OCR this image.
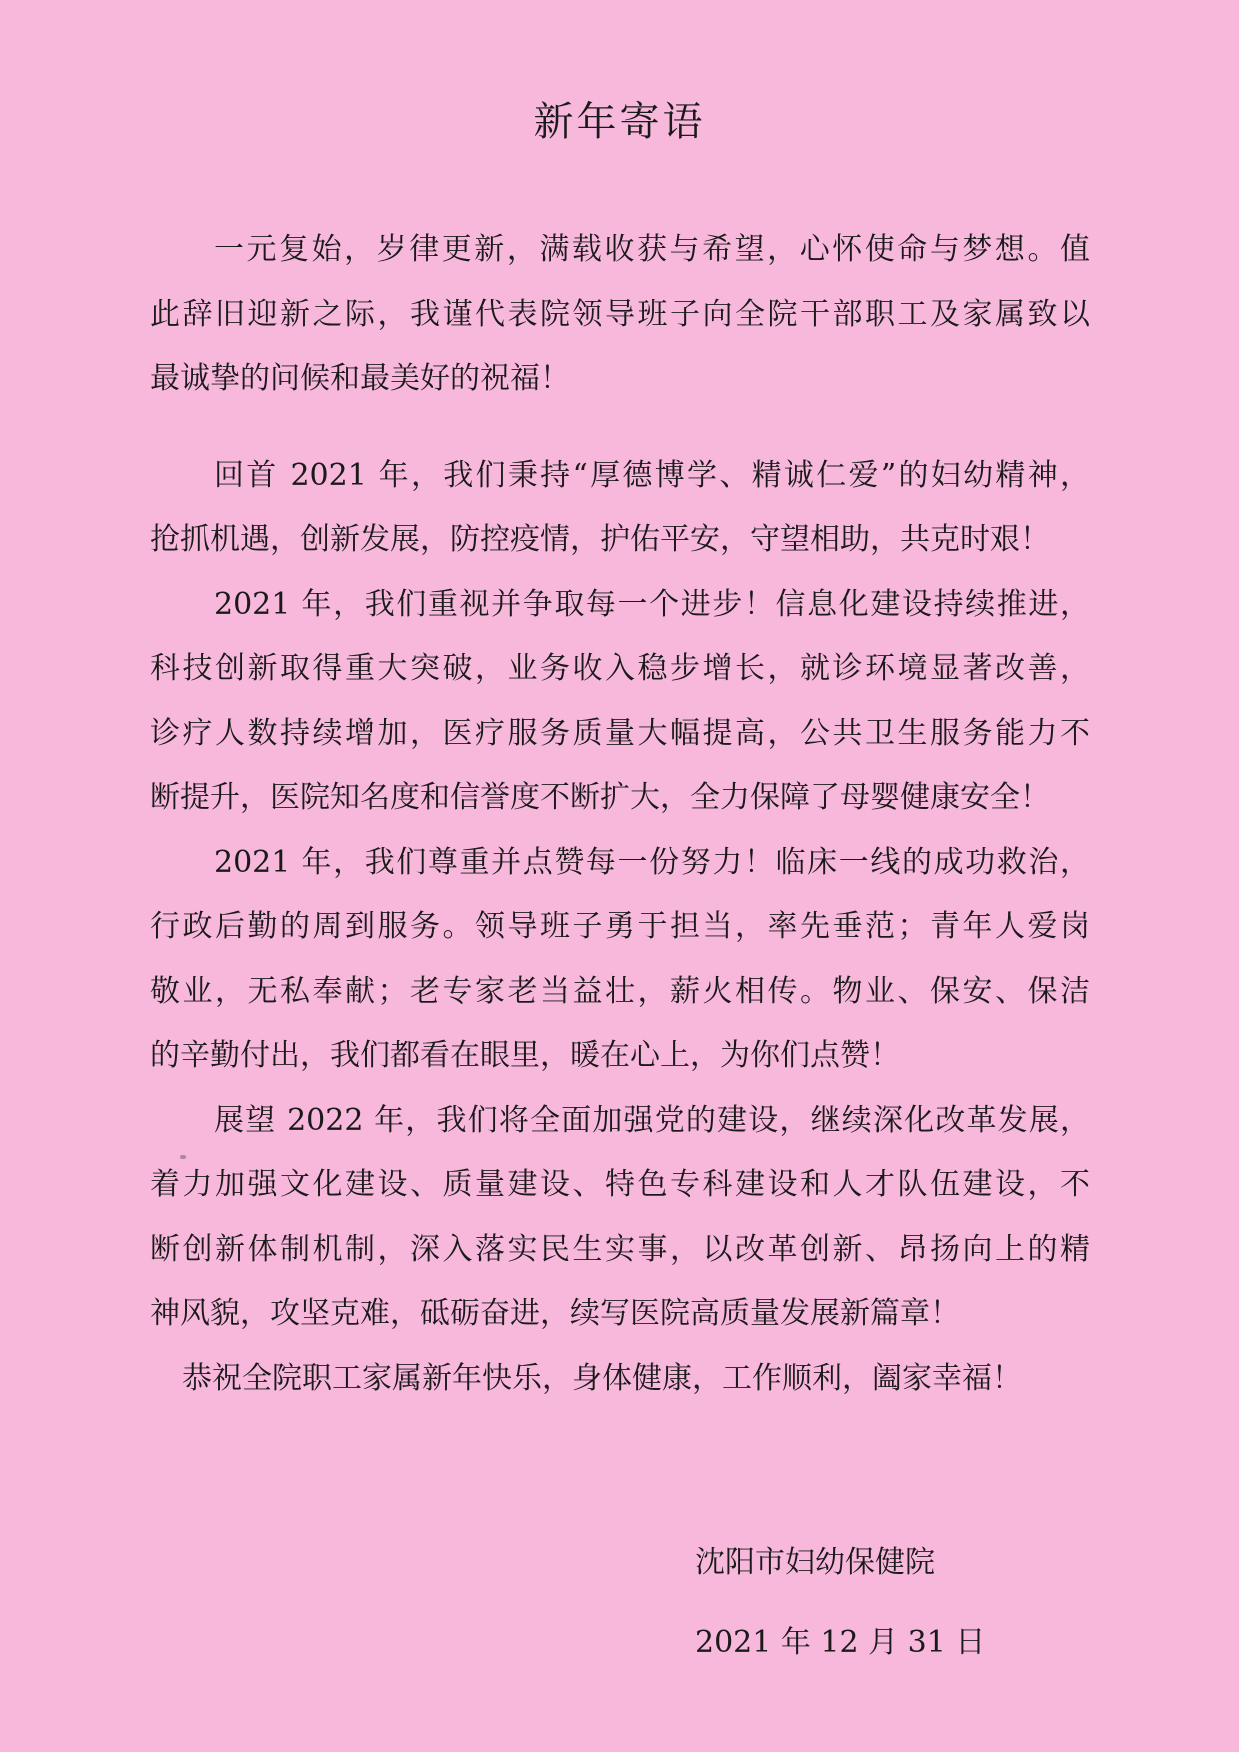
新年寄语
一元复始，岁律更新，满载收获与希望，心怀使命与梦想。值
此辞旧迎新之际，我谨代表院领导班子向全院干部职工及家属致以
最诚挚的问候和最美好的祝福！
回首 2021 年，我们秉持“厚德博学、精诚仁爱”的妇幼精神，
抢抓机遇，创新发展，防控疫情，护佑平安，守望相助，共克时艰！
2021 年，我们重视并争取每一个进步！信息化建设持续推进，
科技创新取得重大突破，业务收入稳步增长，就诊环境显著改善，
诊疗人数持续增加，医疗服务质量大幅提高，公共卫生服务能力不
断提升，医院知名度和信誉度不断扩大，全力保障了母婴健康安全！
2021 年，我们尊重并点赞每一份努力！临床一线的成功救治，
行政后勤的周到服务。领导班子勇于担当，率先垂范；青年人爱岗
敬业，无私奉献；老专家老当益壮，薪火相传。物业、保安、保洁
的辛勤付出，我们都看在眼里，暖在心上，为你们点赞！
展望 2022 年，我们将全面加强党的建设，继续深化改革发展，
着力加强文化建设、质量建设、特色专科建设和人才队伍建设，不
断创新体制机制，深入落实民生实事，以改革创新、昂扬向上的精
神风貌，攻坚克难，砥砺奋进，续写医院高质量发展新篇章！
恭祝全院职工家属新年快乐，身体健康，工作顺利，阖家幸福！
沈阳市妇幼保健院
2021 年 12 月 31 日
